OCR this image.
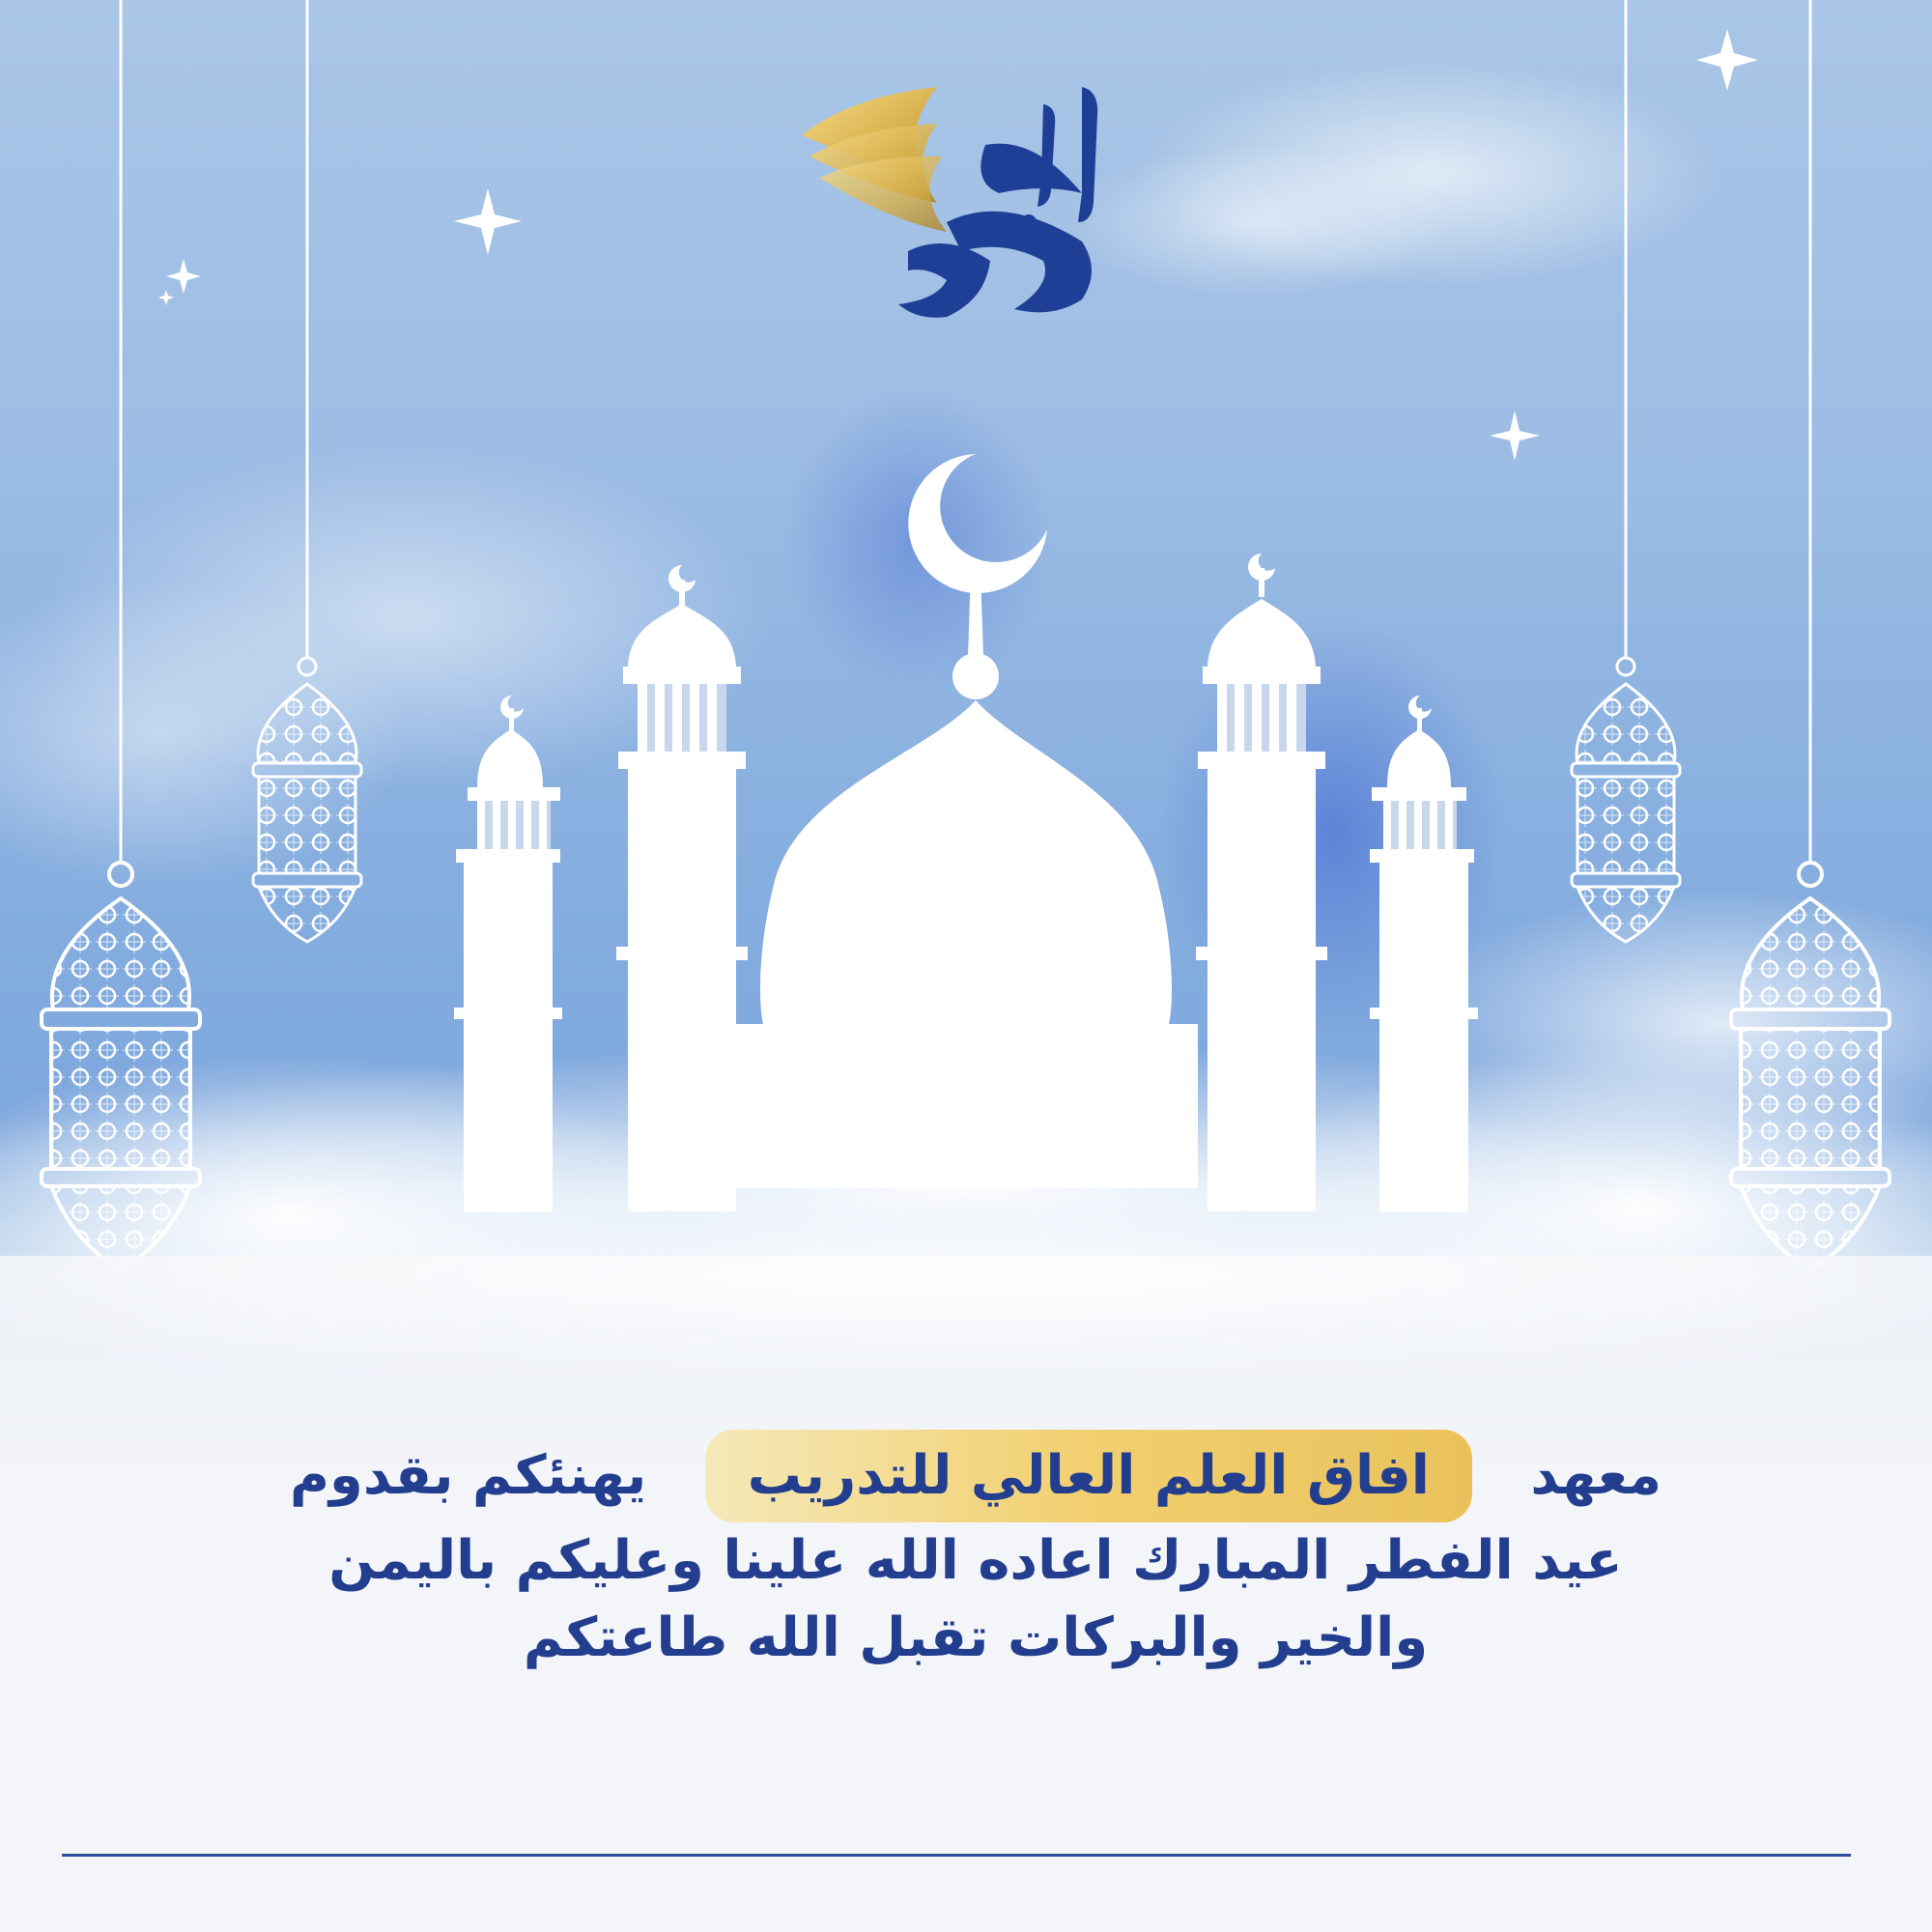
معهد
افاق العلم العالي للتدريب
يهنئكم بقدوم
عيد الفطر المبارك اعاده الله علينا وعليكم باليمن
والخير والبركات تقبل الله طاعتكم
